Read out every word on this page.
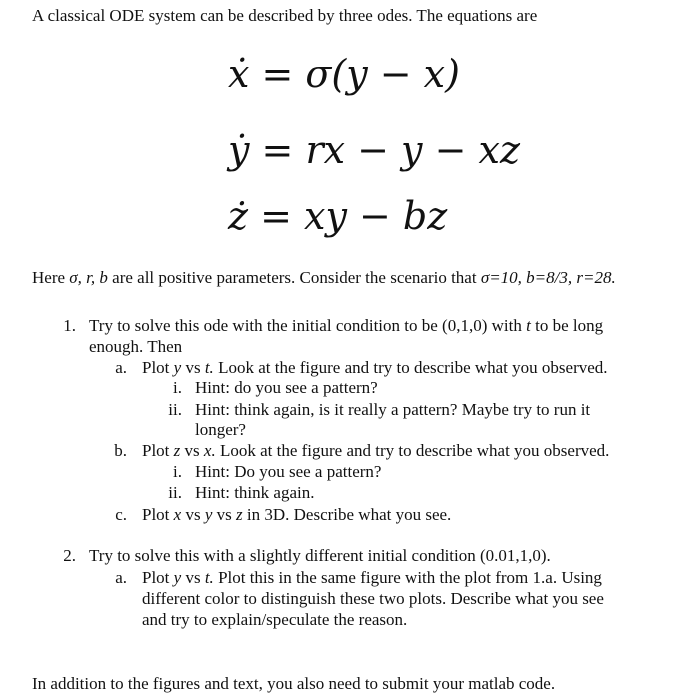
A classical ODE system can be described by three odes. The equations are
ẋ = σ(y − x)
ẏ = rx − y − xz
ż = xy − bz
Here σ, r, b are all positive parameters. Consider the scenario that σ=10, b=8/3, r=28.
1. Try to solve this ode with the initial condition to be (0,1,0) with t to be long
enough. Then
a. Plot y vs t. Look at the figure and try to describe what you observed.
i. Hint: do you see a pattern?
ii. Hint: think again, is it really a pattern? Maybe try to run it
longer?
b. Plot z vs x. Look at the figure and try to describe what you observed.
i. Hint: Do you see a pattern?
ii. Hint: think again.
c. Plot x vs y vs z in 3D. Describe what you see.
2. Try to solve this with a slightly different initial condition (0.01,1,0).
a. Plot y vs t. Plot this in the same figure with the plot from 1.a. Using
different color to distinguish these two plots. Describe what you see
and try to explain/speculate the reason.
In addition to the figures and text, you also need to submit your matlab code.
